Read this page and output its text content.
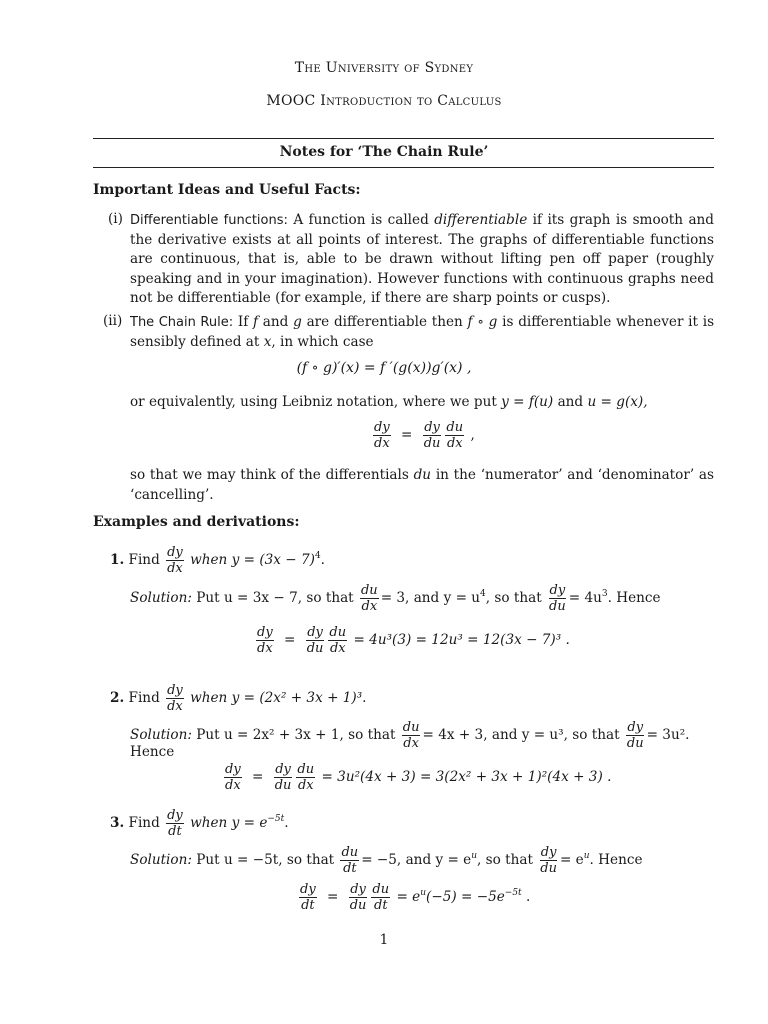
The University of Sydney
MOOC Introduction to Calculus
Notes for ‘The Chain Rule’
Important Ideas and Useful Facts:
(i) Differentiable functions: A function is called differentiable if its graph is smooth and the derivative exists at all points of interest. The graphs of differentiable functions are continuous, that is, able to be drawn without lifting pen off paper (roughly speaking and in your imagination). However functions with continuous graphs need not be differentiable (for example, if there are sharp points or cusps).
(ii) The Chain Rule: If f and g are differentiable then f ∘ g is differentiable whenever it is sensibly defined at x, in which case
(f ∘ g)′(x) = f ′(g(x))g′(x) ,
or equivalently, using Leibniz notation, where we put y = f(u) and u = g(x),
$\frac{dy}{dx} = \frac{dy}{du} \frac{du}{dx}$ ,
so that we may think of the differentials du in the ‘numerator’ and ‘denominator’ as ‘cancelling’.
Examples and derivations:
1. Find $\frac{dy}{dx}$ when $y = (3x - 7)^4$.
Solution: Put u = 3x − 7, so that $\frac{du}{dx} = 3$, and $y = u^4$, so that $\frac{dy}{du} = 4u^3$. Hence
$\frac{dy}{dx} = \frac{dy}{du} \frac{du}{dx} = 4u^3(3) = 12u^3 = 12(3x - 7)^3$ .
2. Find $\frac{dy}{dx}$ when y = (2x² + 3x + 1)³.
Solution: Put u = 2x² + 3x + 1, so that $\frac{du}{dx} = 4x + 3$, and y = u³, so that $\frac{dy}{du} = 3u^2$.
Hence
$\frac{dy}{dx} = \frac{dy}{du} \frac{du}{dx} = 3u^2(4x + 3) = 3(2x^2 + 3x + 1)^2(4x + 3)$ .
3. Find $\frac{dy}{dt}$ when $y = e^{-5t}$.
Solution: Put u = −5t, so that $\frac{du}{dt} = -5$, and $y = e^u$, so that $\frac{dy}{du} = e^u$. Hence
$\frac{dy}{dt} = \frac{dy}{du} \frac{du}{dt} = e^u(-5) = -5e^{-5t}$ .
1
